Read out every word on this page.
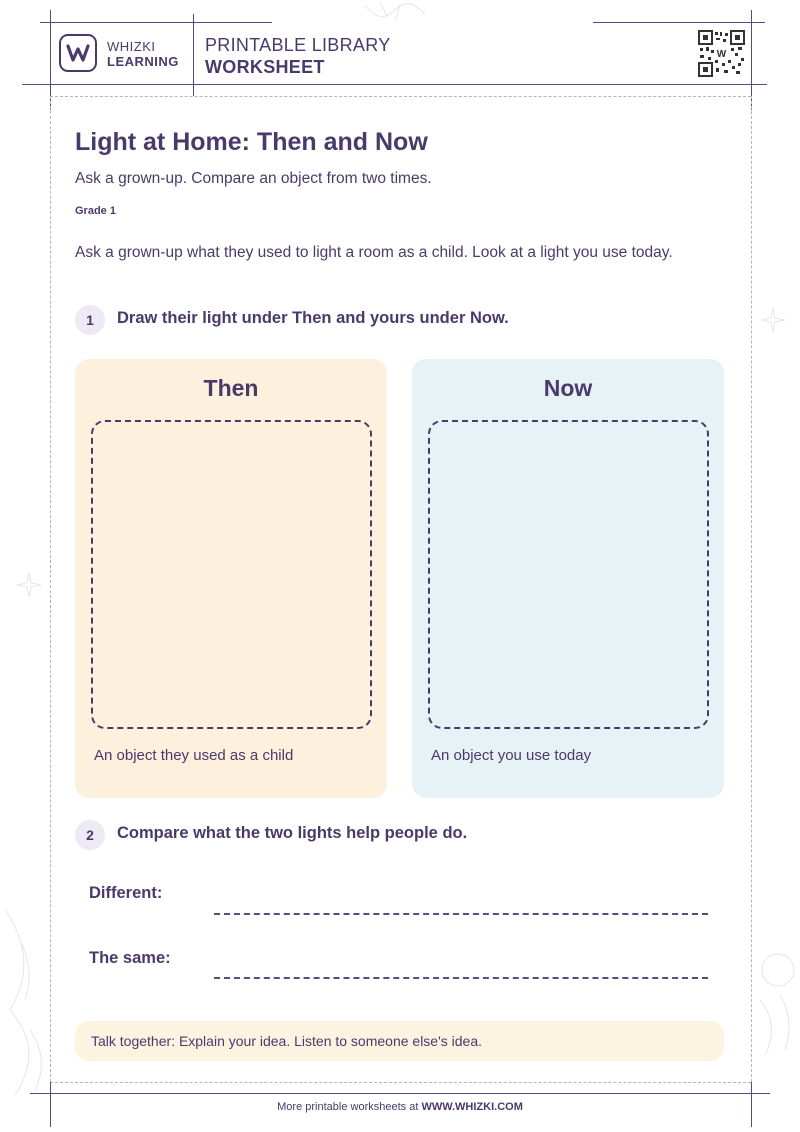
WHIZKI
LEARNING
PRINTABLE LIBRARY
WORKSHEET
W
Light at Home: Then and Now
Ask a grown-up. Compare an object from two times.
Grade 1
Ask a grown-up what they used to light a room as a child. Look at a light you use today.
1	Draw their light under Then and yours under Now.
Then
An object they used as a child
Now
An object you use today
2	Compare what the two lights help people do.
Different:
The same:
Talk together: Explain your idea. Listen to someone else's idea.
More printable worksheets at WWW.WHIZKI.COM
